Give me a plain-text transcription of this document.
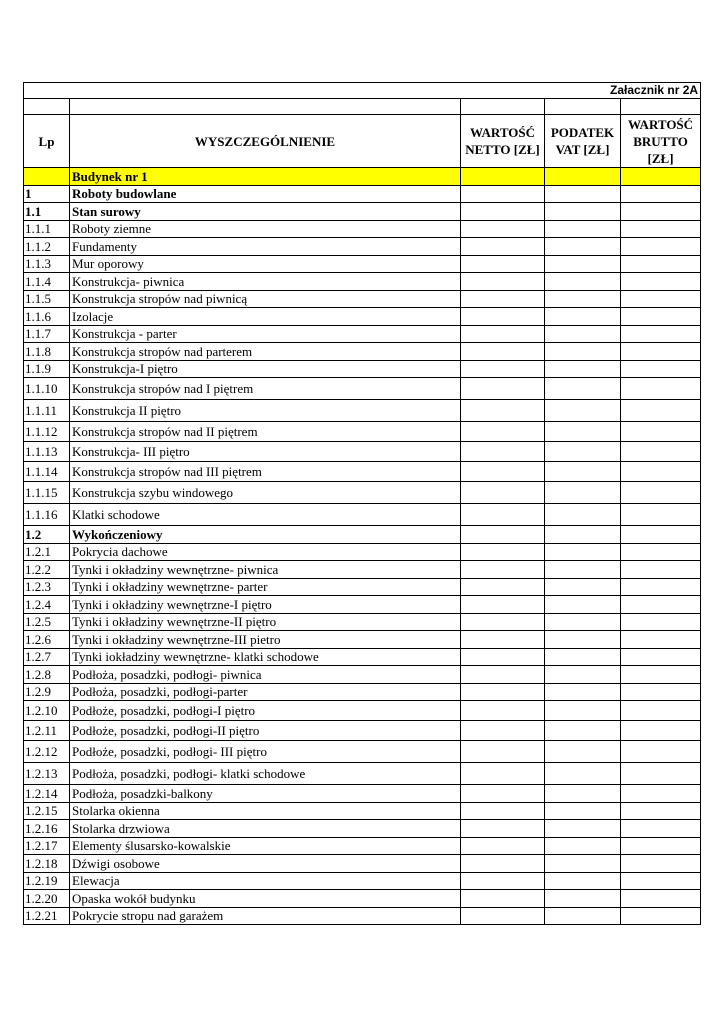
Załacznik nr 2A				

Lp	WYSZCZEGÓLNIENIE	WARTOŚĆ NETTO [ZŁ]	PODATEK VAT [ZŁ]	WARTOŚĆ BRUTTO [ZŁ]
	Budynek nr 1			
1	Roboty budowlane			
1.1	Stan surowy			
1.1.1	Roboty ziemne			
1.1.2	Fundamenty			
1.1.3	Mur oporowy			
1.1.4	Konstrukcja- piwnica			
1.1.5	Konstrukcja stropów nad piwnicą			
1.1.6	Izolacje			
1.1.7	Konstrukcja - parter			
1.1.8	Konstrukcja stropów nad parterem			
1.1.9	Konstrukcja-I piętro			
1.1.10	Konstrukcja stropów nad I piętrem			
1.1.11	Konstrukcja II piętro			
1.1.12	Konstrukcja stropów nad II piętrem			
1.1.13	Konstrukcja- III piętro			
1.1.14	Konstrukcja stropów nad III piętrem			
1.1.15	Konstrukcja szybu windowego			
1.1.16	Klatki schodowe			
1.2	Wykończeniowy			
1.2.1	Pokrycia dachowe			
1.2.2	Tynki i okładziny wewnętrzne- piwnica			
1.2.3	Tynki i okładziny wewnętrzne- parter			
1.2.4	Tynki i okładziny wewnętrzne-I piętro			
1.2.5	Tynki i okładziny wewnętrzne-II piętro			
1.2.6	Tynki i okładziny wewnętrzne-III pietro			
1.2.7	Tynki iokładziny wewnętrzne- klatki schodowe			
1.2.8	Podłoża, posadzki, podłogi- piwnica			
1.2.9	Podłoża, posadzki, podłogi-parter			
1.2.10	Podłoże, posadzki, podłogi-I piętro			
1.2.11	Podłoże, posadzki, podłogi-II piętro			
1.2.12	Podłoże, posadzki, podłogi- III piętro			
1.2.13	Podłoża, posadzki, podłogi- klatki schodowe			
1.2.14	Podłoża, posadzki-balkony			
1.2.15	Stolarka okienna			
1.2.16	Stolarka drzwiowa			
1.2.17	Elementy ślusarsko-kowalskie			
1.2.18	Dźwigi osobowe			
1.2.19	Elewacja			
1.2.20	Opaska wokół budynku			
1.2.21	Pokrycie stropu nad garażem			
